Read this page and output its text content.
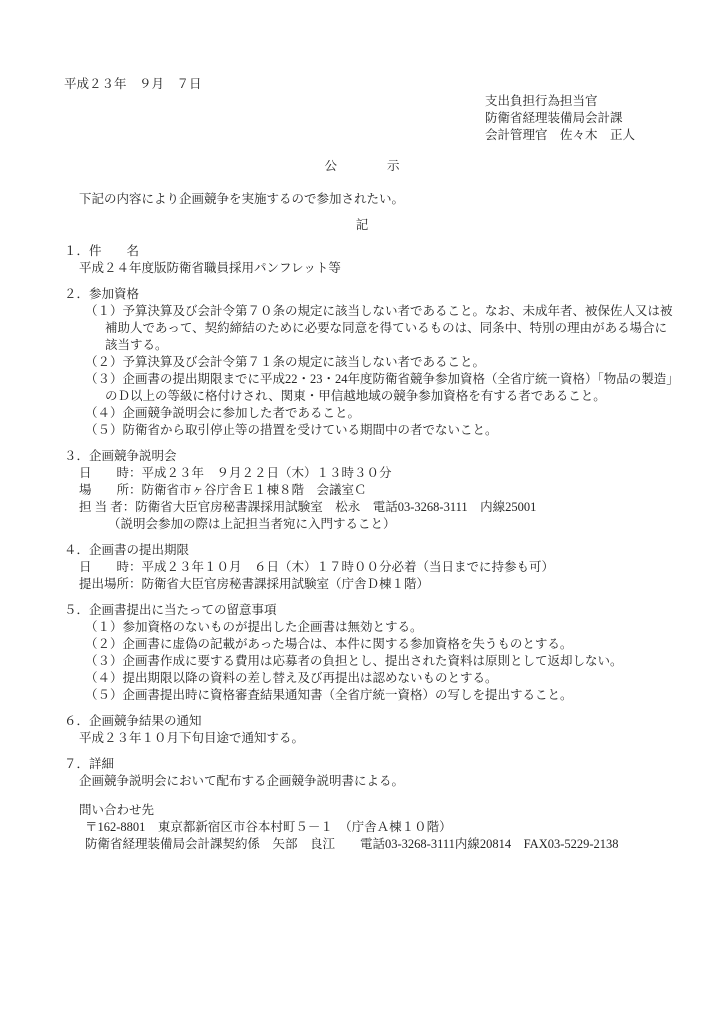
平成２３年　９月　７日
支出負担行為担当官
防衛省経理装備局会計課
会計管理官　佐々木　正人
公　　　　示
下記の内容により企画競争を実施するので参加されたい。
記
１．件　　名
平成２４年度版防衛省職員採用パンフレット等
２．参加資格
（１）予算決算及び会計令第７０条の規定に該当しない者であること。なお、未成年者、被保佐人又は被
補助人であって、契約締結のために必要な同意を得ているものは、同条中、特別の理由がある場合に
該当する。
（２）予算決算及び会計令第７１条の規定に該当しない者であること。
（３）企画書の提出期限までに平成22・23・24年度防衛省競争参加資格（全省庁統一資格）「物品の製造」
のＤ以上の等級に格付けされ、関東・甲信越地域の競争参加資格を有する者であること。
（４）企画競争説明会に参加した者であること。
（５）防衛省から取引停止等の措置を受けている期間中の者でないこと。
３．企画競争説明会
日　　時：平成２３年　９月２２日（木）１３時３０分
場　　所：防衛省市ヶ谷庁舎Ｅ１棟８階　会議室Ｃ
担 当 者：防衛省大臣官房秘書課採用試験室　松永　電話03-3268-3111　内線25001
（説明会参加の際は上記担当者宛に入門すること）
４．企画書の提出期限
日　　時：平成２３年１０月　６日（木）１７時００分必着（当日までに持参も可）
提出場所：防衛省大臣官房秘書課採用試験室（庁舎Ｄ棟１階）
５．企画書提出に当たっての留意事項
（１）参加資格のないものが提出した企画書は無効とする。
（２）企画書に虚偽の記載があった場合は、本件に関する参加資格を失うものとする。
（３）企画書作成に要する費用は応募者の負担とし、提出された資料は原則として返却しない。
（４）提出期限以降の資料の差し替え及び再提出は認めないものとする。
（５）企画書提出時に資格審査結果通知書（全省庁統一資格）の写しを提出すること。
６．企画競争結果の通知
平成２３年１０月下旬目途で通知する。
７．詳細
企画競争説明会において配布する企画競争説明書による。
問い合わせ先
〒162-8801　東京都新宿区市谷本村町５－１　（庁舎Ａ棟１０階）
防衛省経理装備局会計課契約係　矢部　良江　　電話03-3268-3111内線20814　FAX03-5229-2138
